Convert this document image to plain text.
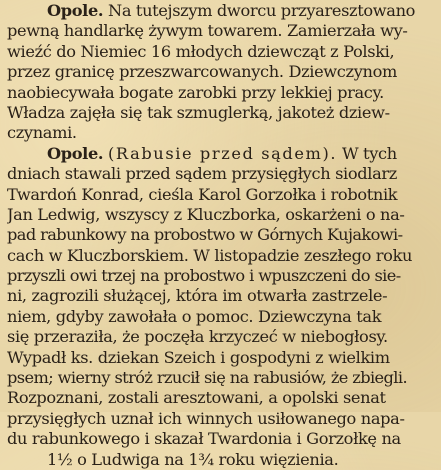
Opole. Na tutejszym dworcu przyaresztowano
pewną handlarkę żywym towarem. Zamierzała wy-
wieźć do Niemiec 16 młodych dziewcząt z Polski,
przez granicę przeszwarcowanych. Dziewczynom
naobiecywała bogate zarobki przy lekkiej pracy.
Władza zajęła się tak szmuglerką, jakoteż dziew-
czynami.
Opole. (Rabusie przed sądem). W tych
dniach stawali przed sądem przysięgłych siodlarz
Twardoń Konrad, cieśla Karol Gorzołka i robotnik
Jan Ledwig, wszyscy z Kluczborka, oskarżeni o na-
pad rabunkowy na probostwo w Górnych Kujakowi-
cach w Kluczborskiem. W listopadzie zeszłego roku
przyszli owi trzej na probostwo i wpuszczeni do sie-
ni, zagrozili służącej, która im otwarła zastrzele-
niem, gdyby zawołała o pomoc. Dziewczyna tak
się przeraziła, że poczęła krzyczeć w niebogłosy.
Wypadł ks. dziekan Szeich i gospodyni z wielkim
psem; wierny stróż rzucił się na rabusiów, że zbiegli.
Rozpoznani, zostali aresztowani, a opolski senat
przysięgłych uznał ich winnych usiłowanego napa-
du rabunkowego i skazał Twardonia i Gorzołkę na
1½ o Ludwiga na 1¾ roku więzienia.
